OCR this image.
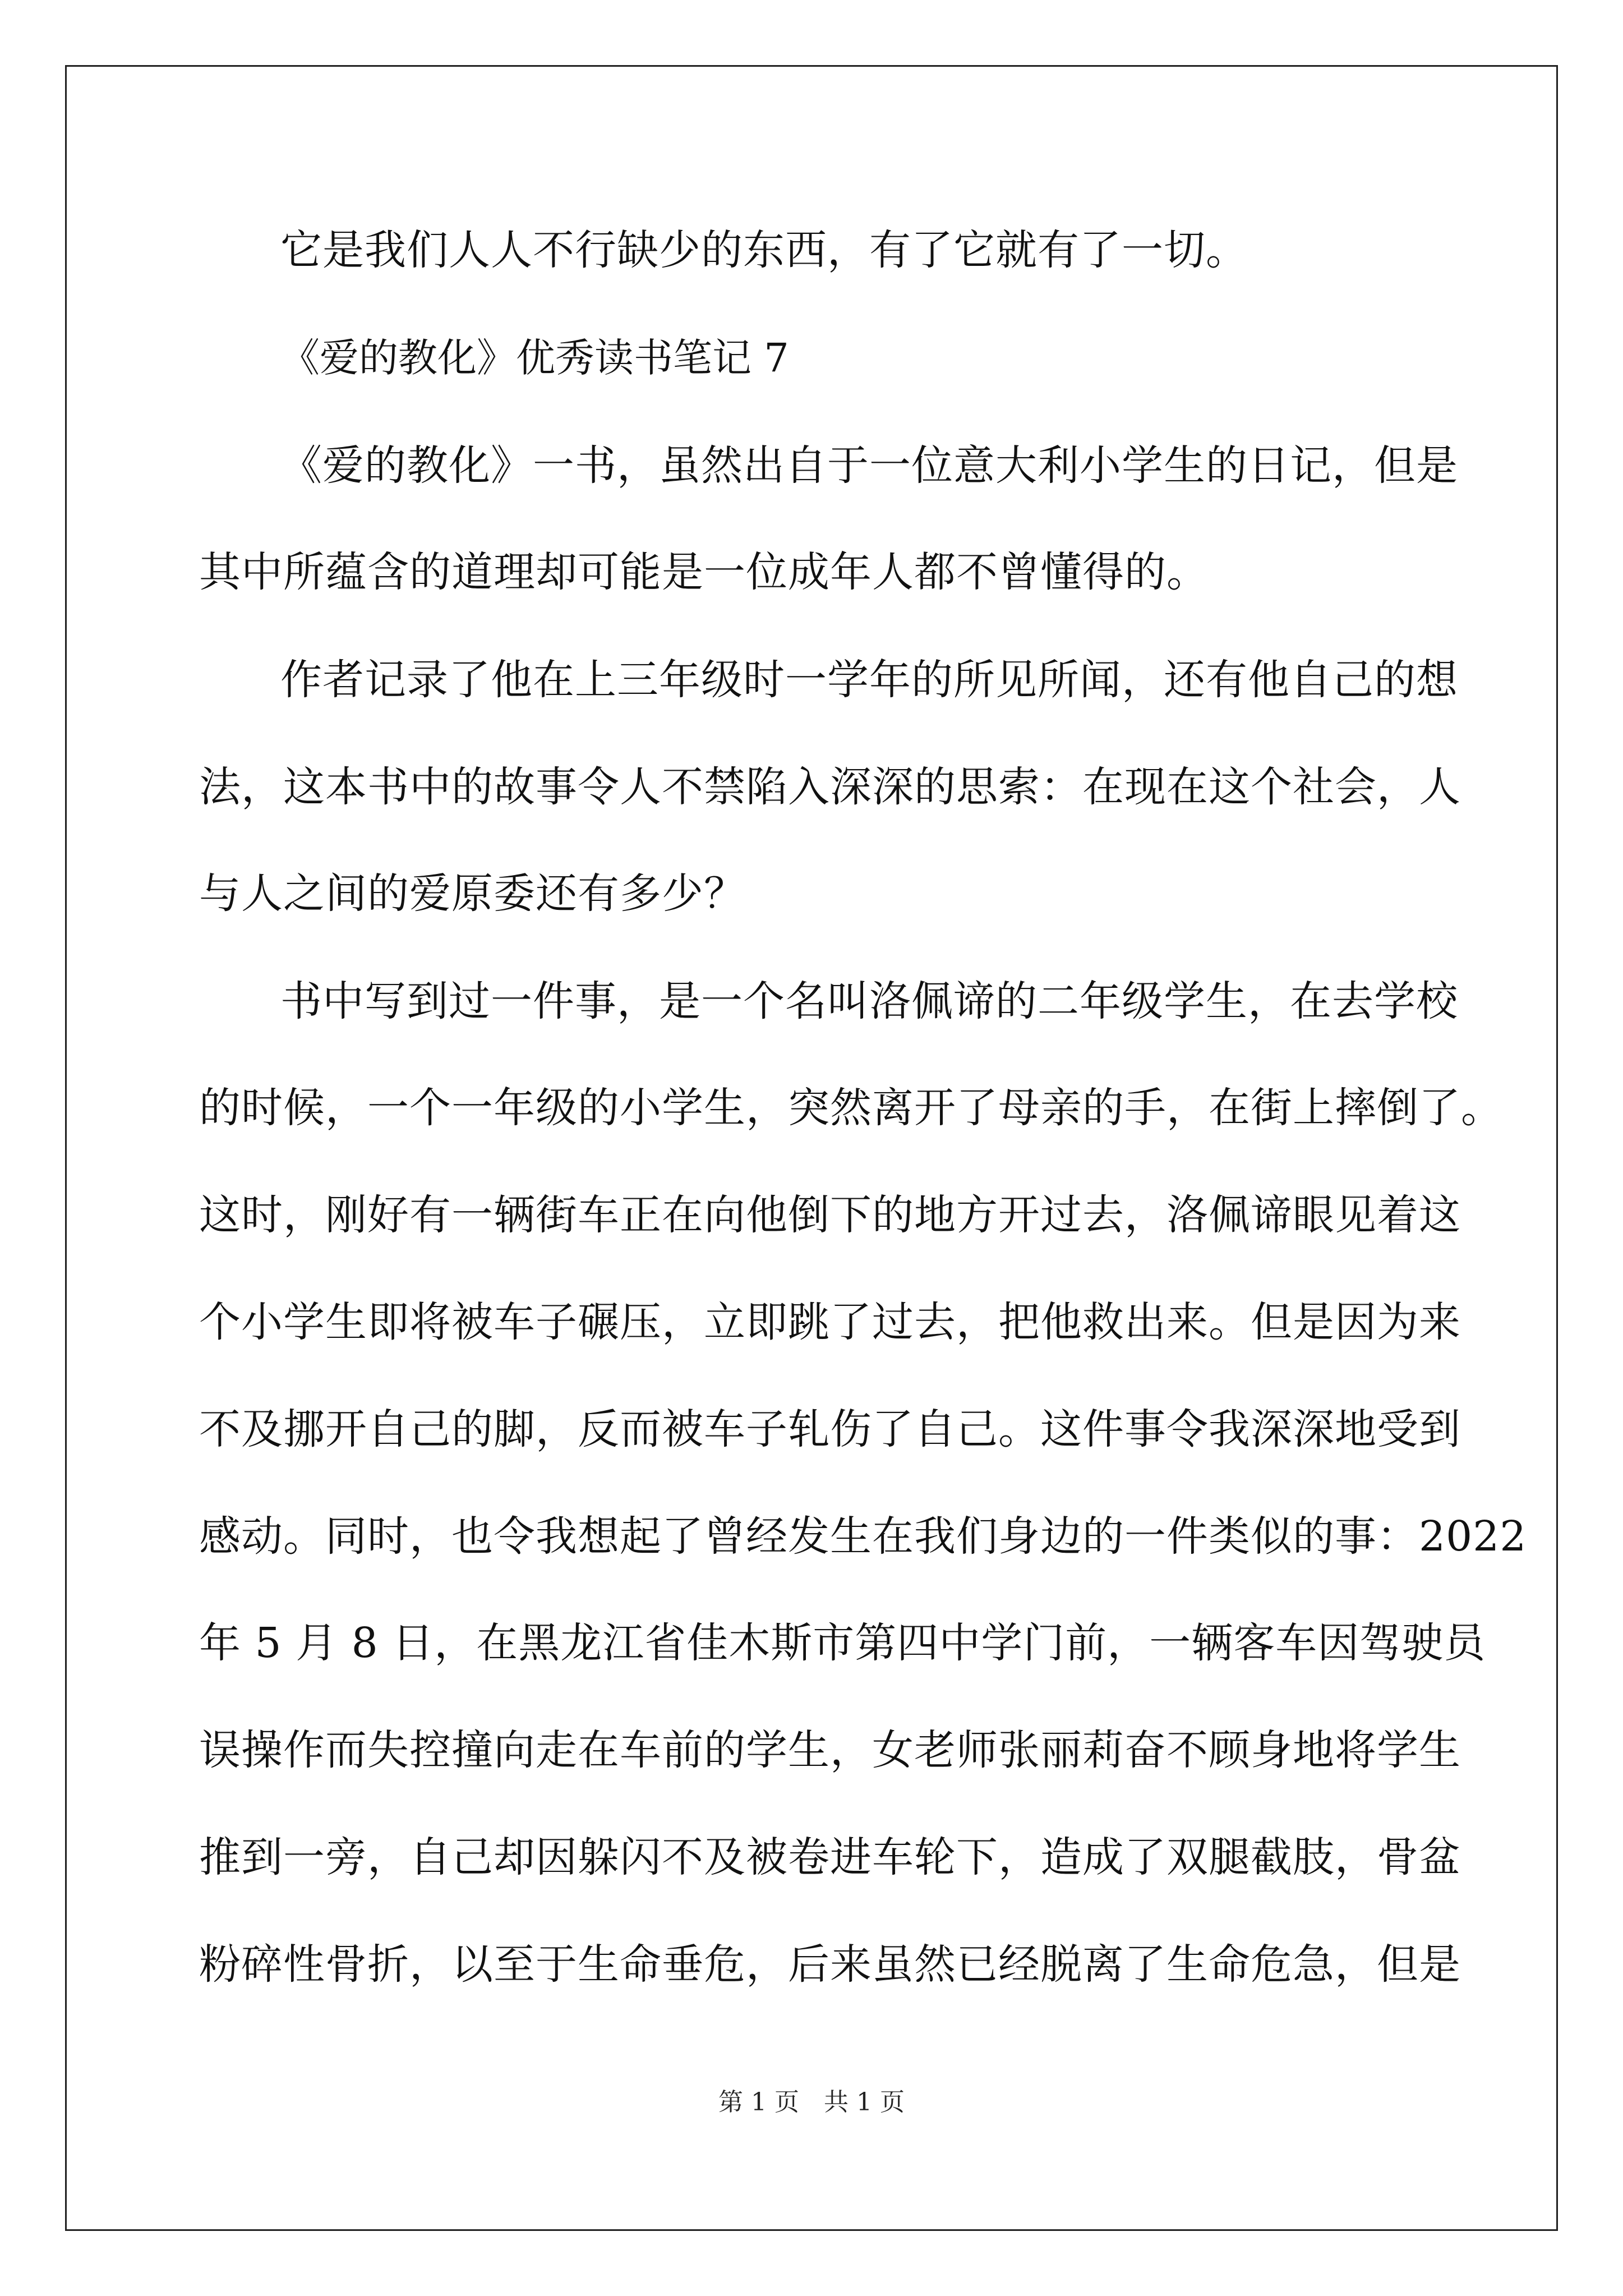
它是我们人人不行缺少的东西，有了它就有了一切。
《爱的教化》优秀读书笔记 7
《爱的教化》一书，虽然出自于一位意大利小学生的日记，但是
其中所蕴含的道理却可能是一位成年人都不曾懂得的。
作者记录了他在上三年级时一学年的所见所闻，还有他自己的想
法，这本书中的故事令人不禁陷入深深的思索：在现在这个社会，人
与人之间的爱原委还有多少？
书中写到过一件事，是一个名叫洛佩谛的二年级学生，在去学校
的时候，一个一年级的小学生，突然离开了母亲的手，在街上摔倒了。
这时，刚好有一辆街车正在向他倒下的地方开过去，洛佩谛眼见着这
个小学生即将被车子碾压，立即跳了过去，把他救出来。但是因为来
不及挪开自己的脚，反而被车子轧伤了自己。这件事令我深深地受到
感动。同时，也令我想起了曾经发生在我们身边的一件类似的事：2022
年 5 月 8 日，在黑龙江省佳木斯市第四中学门前，一辆客车因驾驶员
误操作而失控撞向走在车前的学生，女老师张丽莉奋不顾身地将学生
推到一旁，自己却因躲闪不及被卷进车轮下，造成了双腿截肢，骨盆
粉碎性骨折，以至于生命垂危，后来虽然已经脱离了生命危急，但是
第 1 页　共 1 页
